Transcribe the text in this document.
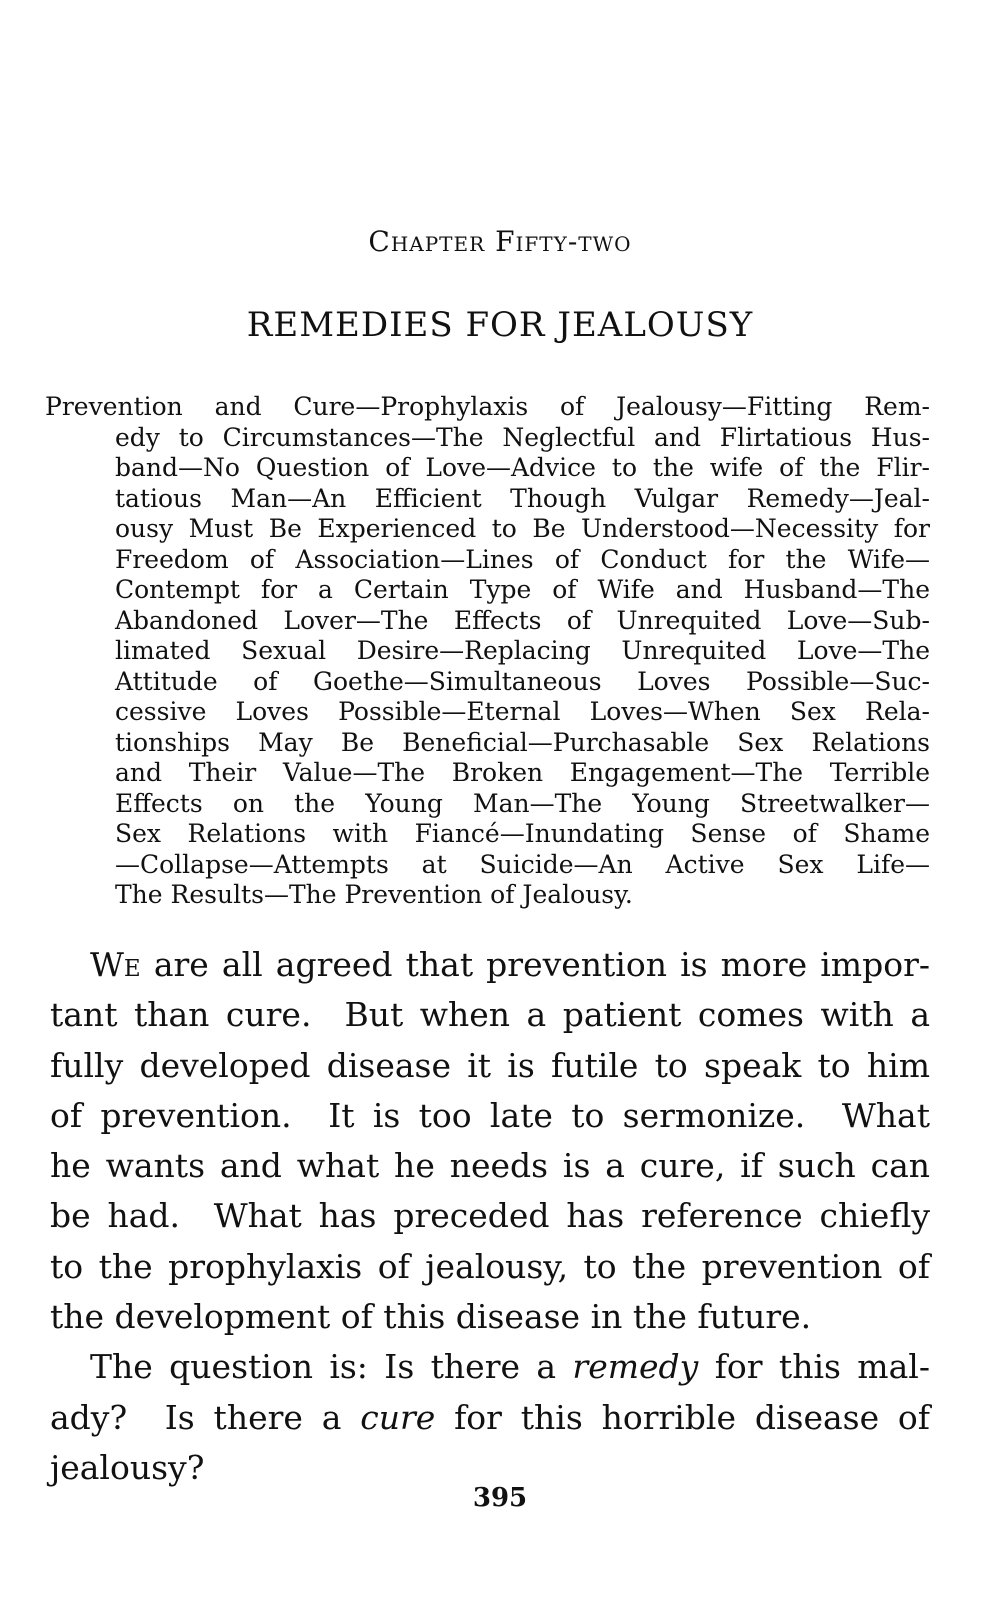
Chapter Fifty-two
REMEDIES FOR JEALOUSY
Prevention and Cure—Prophylaxis of Jealousy—Fitting Rem-
edy to Circumstances—The Neglectful and Flirtatious Hus-
band—No Question of Love—Advice to the wife of the Flir-
tatious Man—An Efficient Though Vulgar Remedy—Jeal-
ousy Must Be Experienced to Be Understood—Necessity for
Freedom of Association—Lines of Conduct for the Wife—
Contempt for a Certain Type of Wife and Husband—The
Abandoned Lover—The Effects of Unrequited Love—Sub-
limated Sexual Desire—Replacing Unrequited Love—The
Attitude of Goethe—Simultaneous Loves Possible—Suc-
cessive Loves Possible—Eternal Loves—When Sex Rela-
tionships May Be Beneficial—Purchasable Sex Relations
and Their Value—The Broken Engagement—The Terrible
Effects on the Young Man—The Young Streetwalker—
Sex Relations with Fiancé—Inundating Sense of Shame
—Collapse—Attempts at Suicide—An Active Sex Life—
The Results—The Prevention of Jealousy.
We are all agreed that prevention is more impor-
tant than cure.  But when a patient comes with a
fully developed disease it is futile to speak to him
of prevention.  It is too late to sermonize.  What
he wants and what he needs is a cure, if such can
be had.  What has preceded has reference chiefly
to the prophylaxis of jealousy, to the prevention of
the development of this disease in the future.
The question is: Is there a remedy for this mal-
ady?  Is there a cure for this horrible disease of
jealousy?
395
